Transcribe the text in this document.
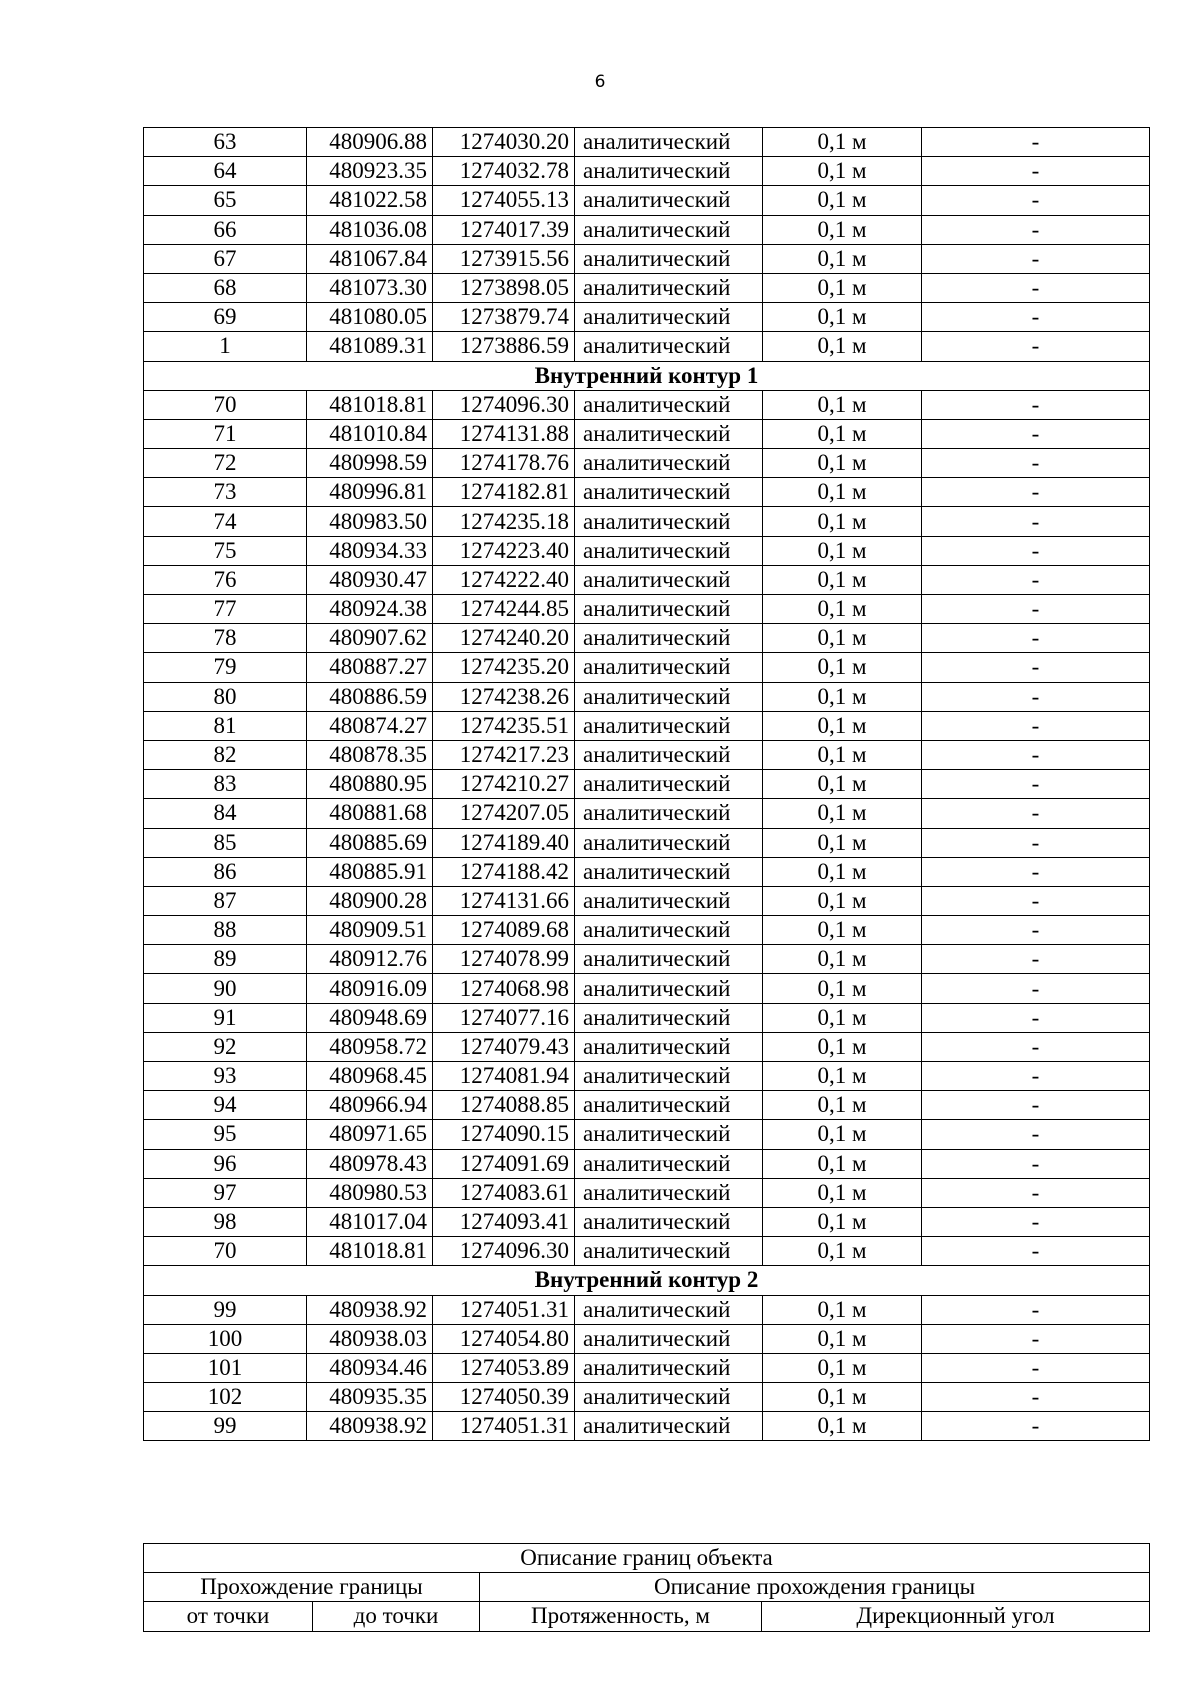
6
63	480906.88	1274030.20	аналитический	0,1 м	-
64	480923.35	1274032.78	аналитический	0,1 м	-
65	481022.58	1274055.13	аналитический	0,1 м	-
66	481036.08	1274017.39	аналитический	0,1 м	-
67	481067.84	1273915.56	аналитический	0,1 м	-
68	481073.30	1273898.05	аналитический	0,1 м	-
69	481080.05	1273879.74	аналитический	0,1 м	-
1	481089.31	1273886.59	аналитический	0,1 м	-
Внутренний контур 1					
70	481018.81	1274096.30	аналитический	0,1 м	-
71	481010.84	1274131.88	аналитический	0,1 м	-
72	480998.59	1274178.76	аналитический	0,1 м	-
73	480996.81	1274182.81	аналитический	0,1 м	-
74	480983.50	1274235.18	аналитический	0,1 м	-
75	480934.33	1274223.40	аналитический	0,1 м	-
76	480930.47	1274222.40	аналитический	0,1 м	-
77	480924.38	1274244.85	аналитический	0,1 м	-
78	480907.62	1274240.20	аналитический	0,1 м	-
79	480887.27	1274235.20	аналитический	0,1 м	-
80	480886.59	1274238.26	аналитический	0,1 м	-
81	480874.27	1274235.51	аналитический	0,1 м	-
82	480878.35	1274217.23	аналитический	0,1 м	-
83	480880.95	1274210.27	аналитический	0,1 м	-
84	480881.68	1274207.05	аналитический	0,1 м	-
85	480885.69	1274189.40	аналитический	0,1 м	-
86	480885.91	1274188.42	аналитический	0,1 м	-
87	480900.28	1274131.66	аналитический	0,1 м	-
88	480909.51	1274089.68	аналитический	0,1 м	-
89	480912.76	1274078.99	аналитический	0,1 м	-
90	480916.09	1274068.98	аналитический	0,1 м	-
91	480948.69	1274077.16	аналитический	0,1 м	-
92	480958.72	1274079.43	аналитический	0,1 м	-
93	480968.45	1274081.94	аналитический	0,1 м	-
94	480966.94	1274088.85	аналитический	0,1 м	-
95	480971.65	1274090.15	аналитический	0,1 м	-
96	480978.43	1274091.69	аналитический	0,1 м	-
97	480980.53	1274083.61	аналитический	0,1 м	-
98	481017.04	1274093.41	аналитический	0,1 м	-
70	481018.81	1274096.30	аналитический	0,1 м	-
Внутренний контур 2					
99	480938.92	1274051.31	аналитический	0,1 м	-
100	480938.03	1274054.80	аналитический	0,1 м	-
101	480934.46	1274053.89	аналитический	0,1 м	-
102	480935.35	1274050.39	аналитический	0,1 м	-
99	480938.92	1274051.31	аналитический	0,1 м	-
Описание границ объекта			
Прохождение границы		Описание прохождения границы	
от точки	до точки	Протяженность, м	Дирекционный угол
